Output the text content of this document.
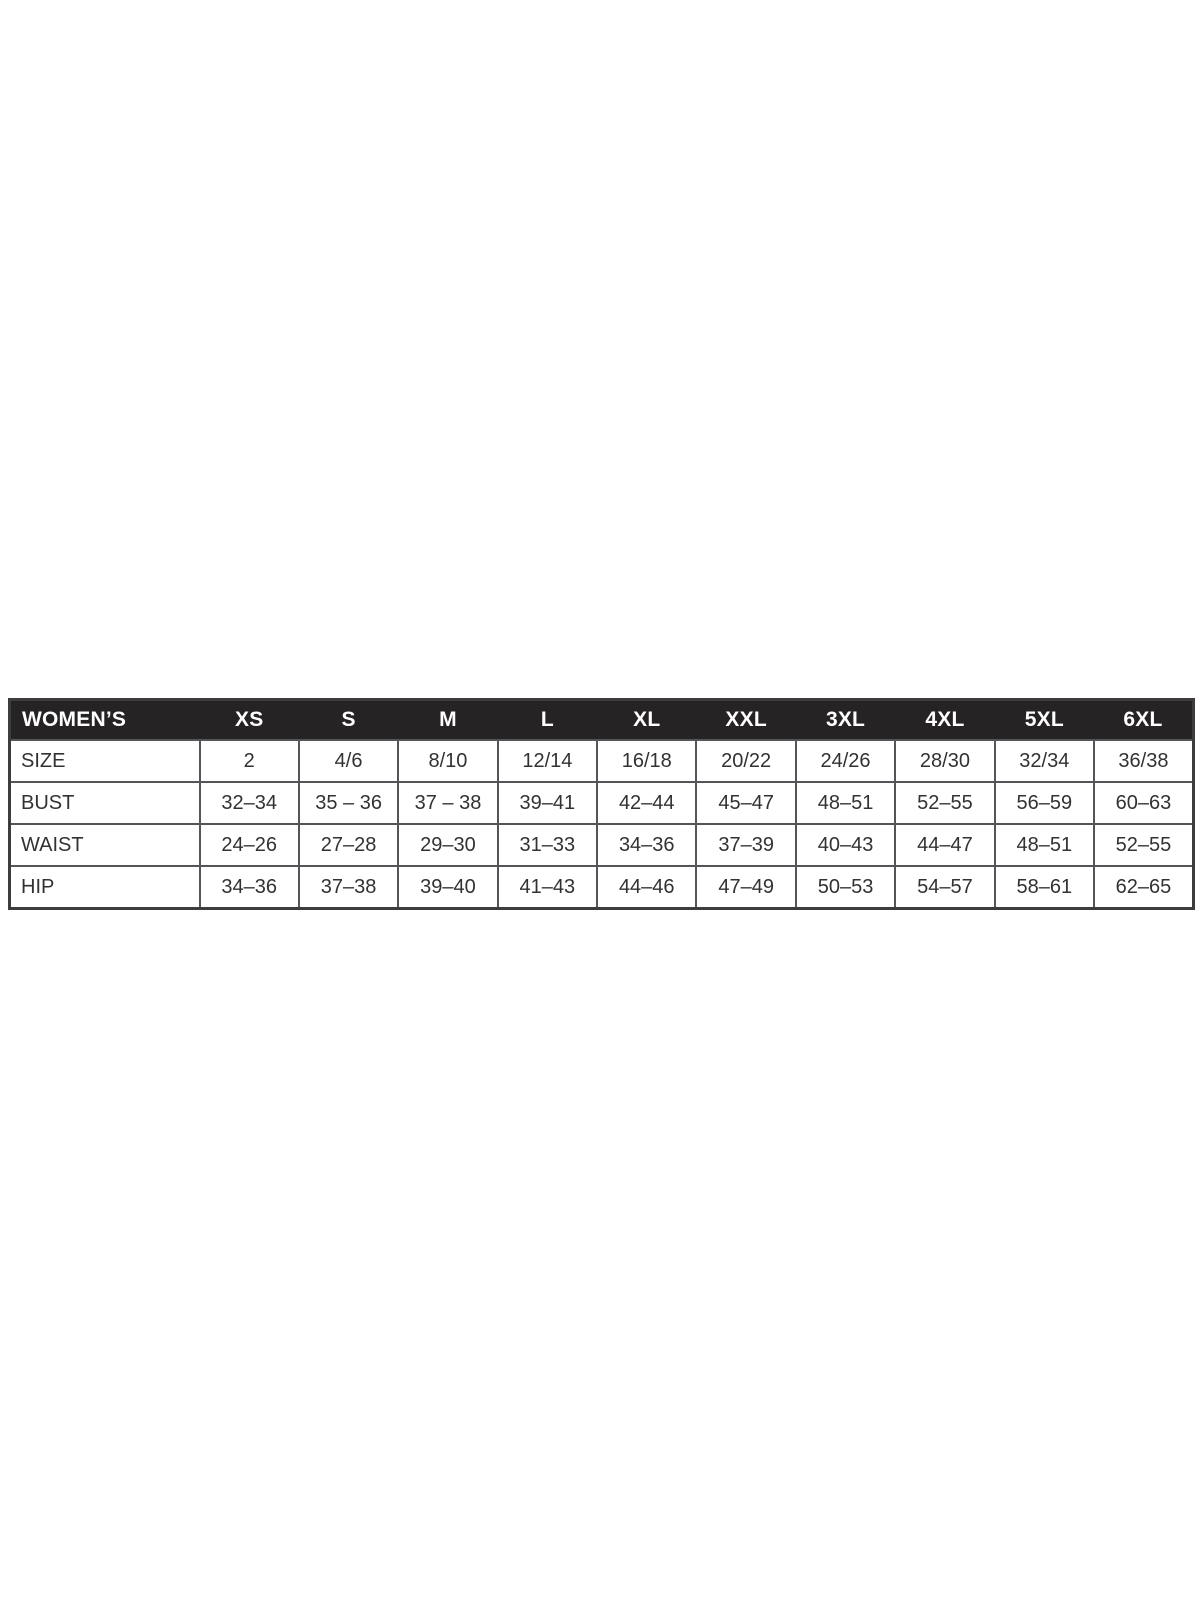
WOMEN’S	XS	S	M	L	XL	XXL	3XL	4XL	5XL	6XL
SIZE	2	4/6	8/10	12/14	16/18	20/22	24/26	28/30	32/34	36/38
BUST	32–34	35 – 36	37 – 38	39–41	42–44	45–47	48–51	52–55	56–59	60–63
WAIST	24–26	27–28	29–30	31–33	34–36	37–39	40–43	44–47	48–51	52–55
HIP	34–36	37–38	39–40	41–43	44–46	47–49	50–53	54–57	58–61	62–65
